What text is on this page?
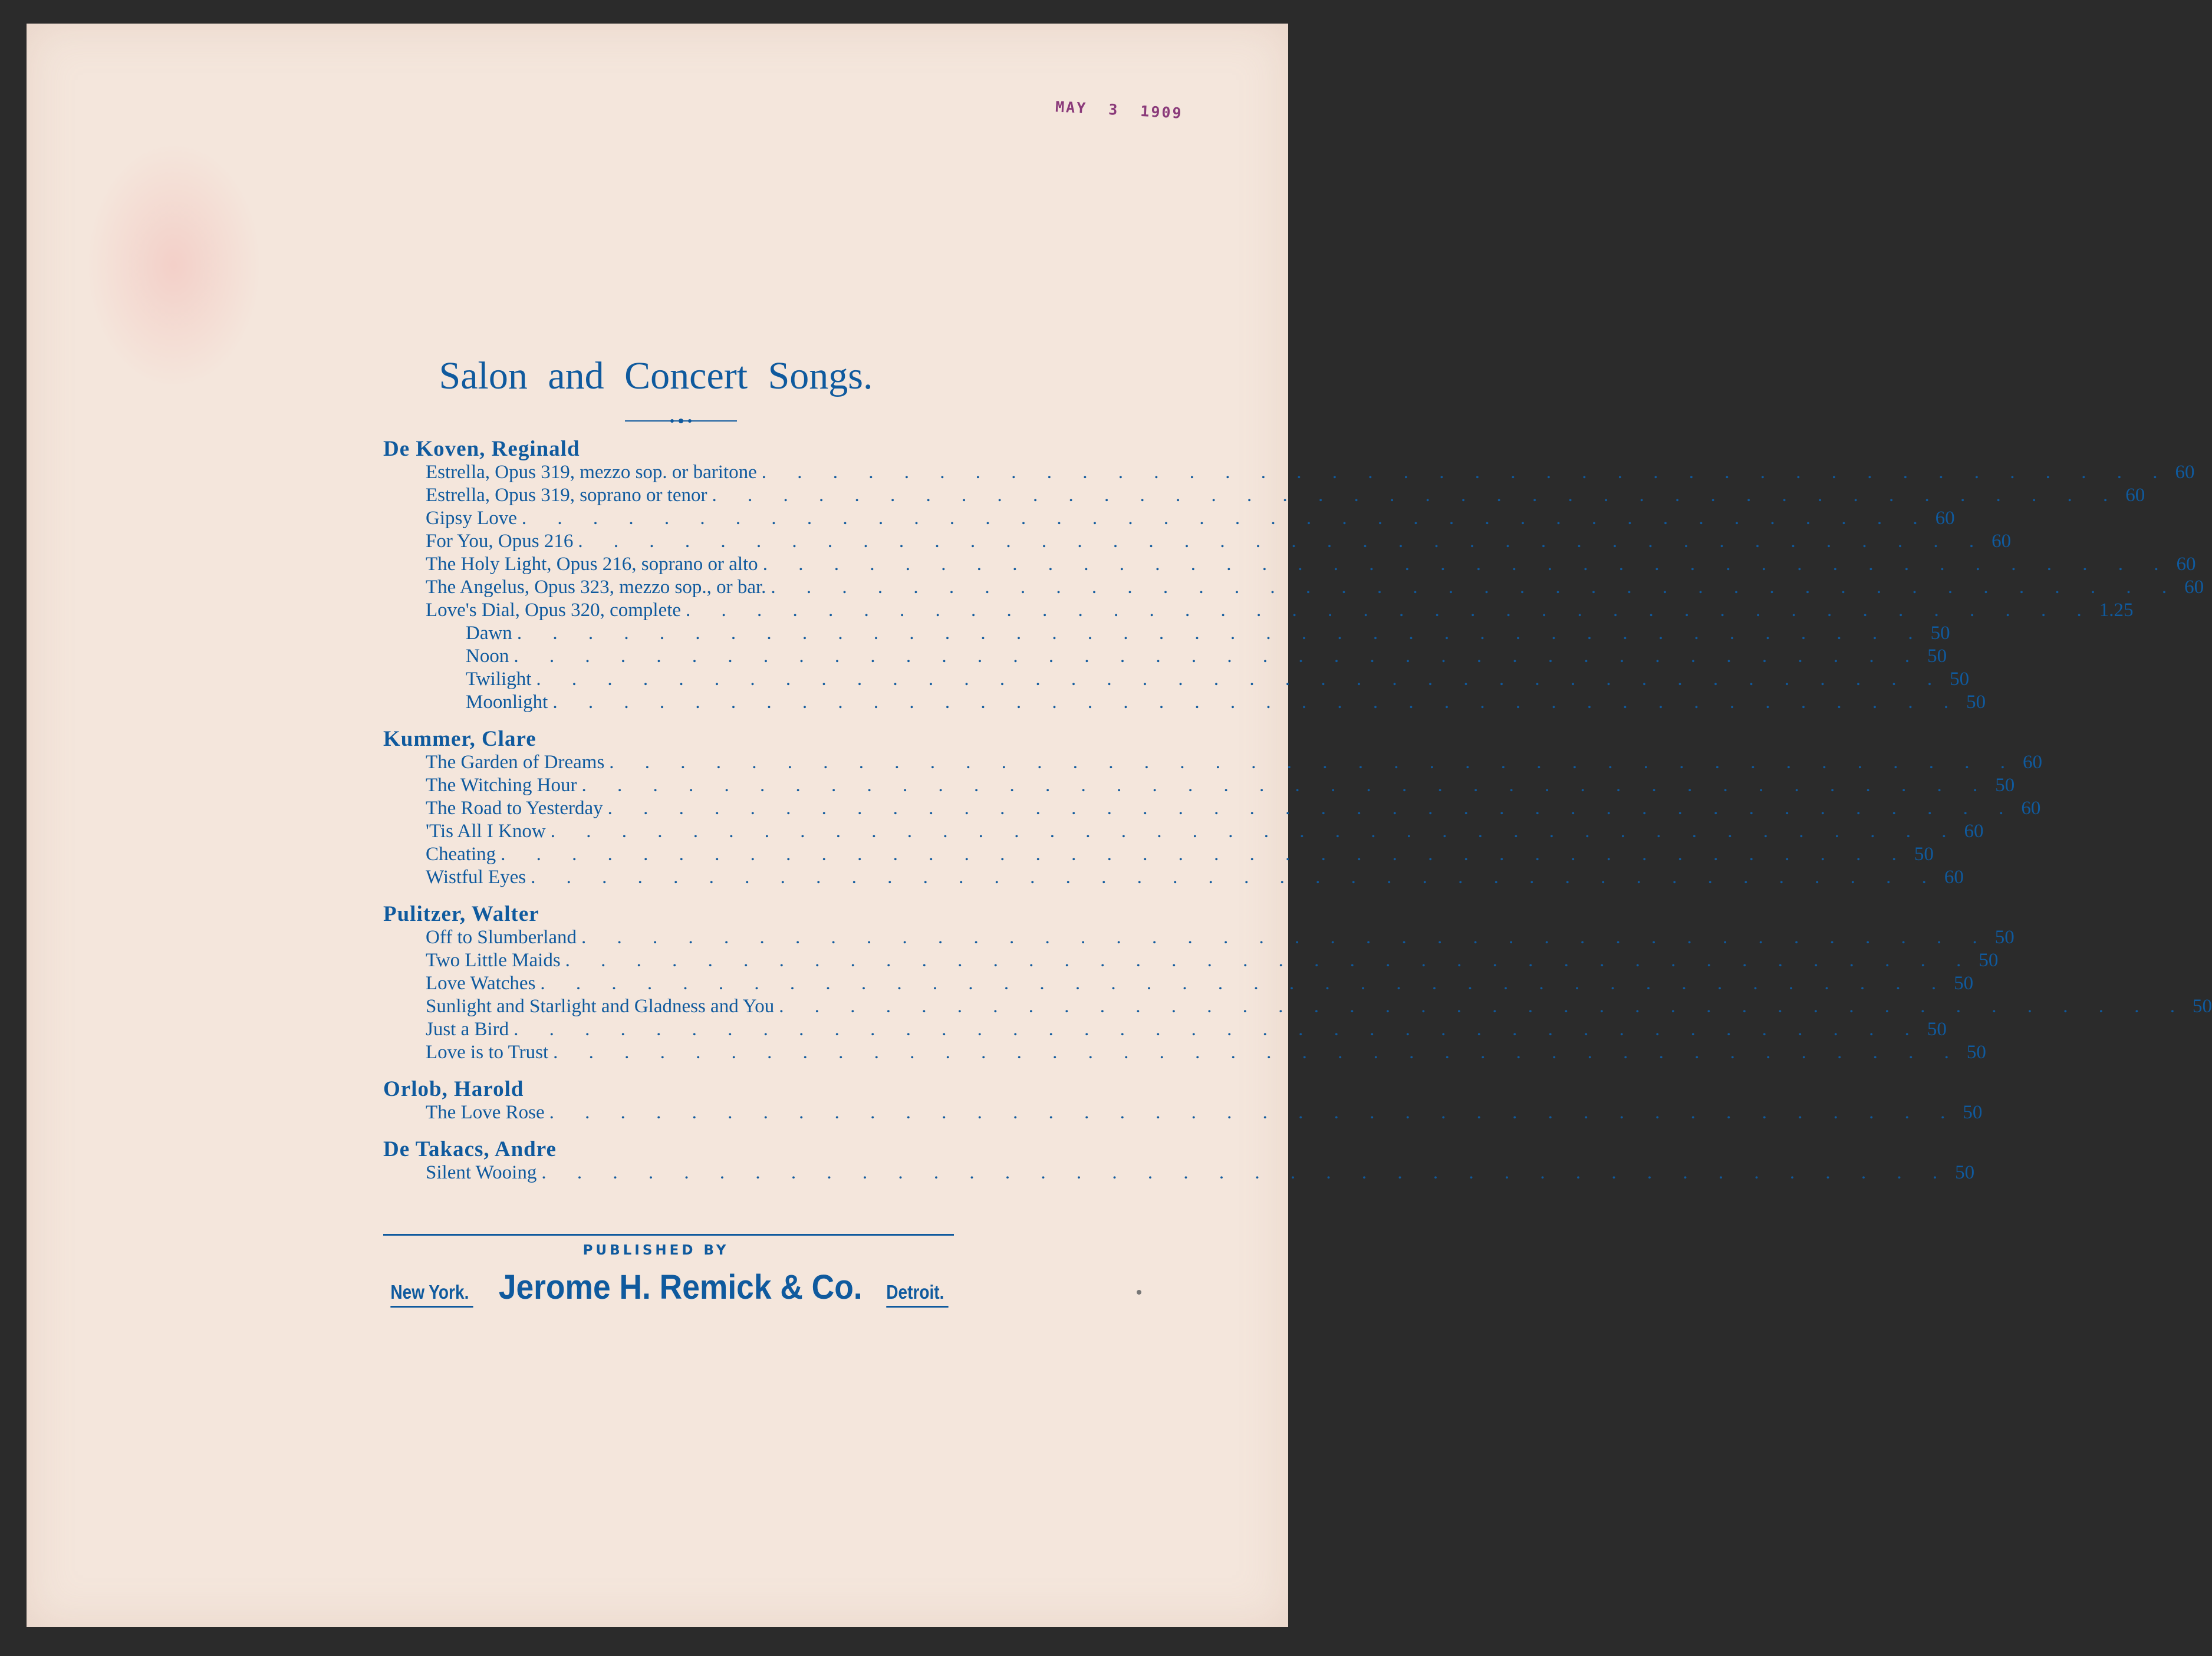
MAY  3  1909
Salon and Concert Songs.
De Koven, Reginald
Estrella, Opus 319, mezzo sop. or baritone . . . . . . . . . . . . . . . . . . . . . . . . . . . . . . . . . . . . . . . . 60
Estrella, Opus 319, soprano or tenor . . . . . . . . . . . . . . . . . . . . . . . . . . . . . . . . . . . . . . . . 60
Gipsy Love . . . . . . . . . . . . . . . . . . . . . . . . . . . . . . . . . . . . . . . . 60
For You, Opus 216 . . . . . . . . . . . . . . . . . . . . . . . . . . . . . . . . . . . . . . . . 60
The Holy Light, Opus 216, soprano or alto . . . . . . . . . . . . . . . . . . . . . . . . . . . . . . . . . . . . . . . . 60
The Angelus, Opus 323, mezzo sop., or bar. . . . . . . . . . . . . . . . . . . . . . . . . . . . . . . . . . . . . . . . . 60
Love's Dial, Opus 320, complete . . . . . . . . . . . . . . . . . . . . . . . . . . . . . . . . . . . . . . . . 1.25
Dawn . . . . . . . . . . . . . . . . . . . . . . . . . . . . . . . . . . . . . . . . 50
Noon . . . . . . . . . . . . . . . . . . . . . . . . . . . . . . . . . . . . . . . . 50
Twilight . . . . . . . . . . . . . . . . . . . . . . . . . . . . . . . . . . . . . . . . 50
Moonlight . . . . . . . . . . . . . . . . . . . . . . . . . . . . . . . . . . . . . . . . 50
Kummer, Clare
The Garden of Dreams . . . . . . . . . . . . . . . . . . . . . . . . . . . . . . . . . . . . . . . . 60
The Witching Hour . . . . . . . . . . . . . . . . . . . . . . . . . . . . . . . . . . . . . . . . 50
The Road to Yesterday . . . . . . . . . . . . . . . . . . . . . . . . . . . . . . . . . . . . . . . . 60
'Tis All I Know . . . . . . . . . . . . . . . . . . . . . . . . . . . . . . . . . . . . . . . . 60
Cheating . . . . . . . . . . . . . . . . . . . . . . . . . . . . . . . . . . . . . . . . 50
Wistful Eyes . . . . . . . . . . . . . . . . . . . . . . . . . . . . . . . . . . . . . . . . 60
Pulitzer, Walter
Off to Slumberland . . . . . . . . . . . . . . . . . . . . . . . . . . . . . . . . . . . . . . . . 50
Two Little Maids . . . . . . . . . . . . . . . . . . . . . . . . . . . . . . . . . . . . . . . . 50
Love Watches . . . . . . . . . . . . . . . . . . . . . . . . . . . . . . . . . . . . . . . . 50
Sunlight and Starlight and Gladness and You . . . . . . . . . . . . . . . . . . . . . . . . . . . . . . . . . . . . . . . . 50
Just a Bird . . . . . . . . . . . . . . . . . . . . . . . . . . . . . . . . . . . . . . . . 50
Love is to Trust . . . . . . . . . . . . . . . . . . . . . . . . . . . . . . . . . . . . . . . . 50
Orlob, Harold
The Love Rose . . . . . . . . . . . . . . . . . . . . . . . . . . . . . . . . . . . . . . . . 50
De Takacs, Andre
Silent Wooing . . . . . . . . . . . . . . . . . . . . . . . . . . . . . . . . . . . . . . . . 50
PUBLISHED BY
New York. Jerome H. Remick & Co. Detroit.
